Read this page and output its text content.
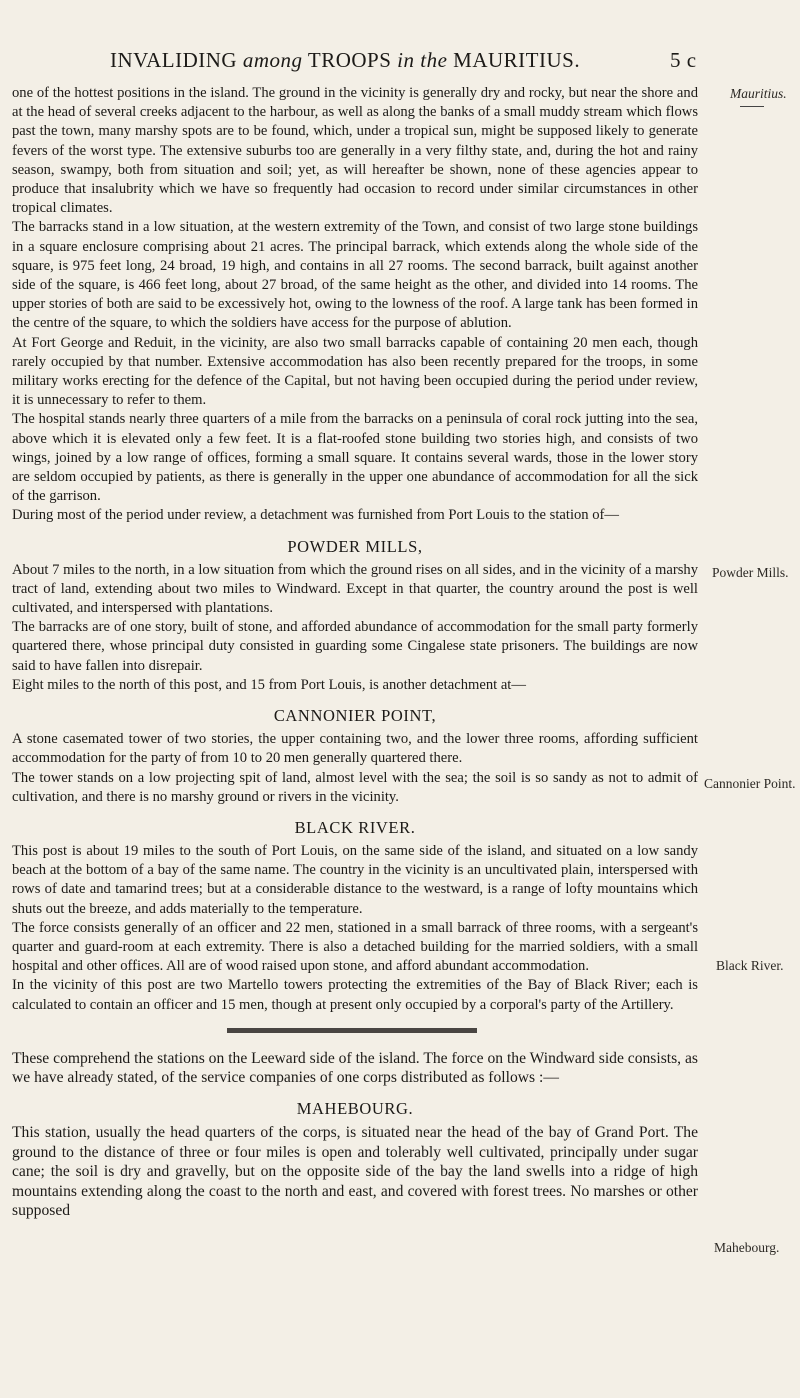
INVALIDING among TROOPS in the MAURITIUS.	5 c
Mauritius.
Powder Mills.
Cannonier Point.
Black River.
Mahebourg.

one of the hottest positions in the island. The ground in the vicinity is generally dry and rocky, but near the shore and at the head of several creeks adjacent to the harbour, as well as along the banks of a small muddy stream which flows past the town, many marshy spots are to be found, which, under a tropical sun, might be supposed likely to generate fevers of the worst type. The extensive suburbs too are generally in a very filthy state, and, during the hot and rainy season, swampy, both from situation and soil; yet, as will hereafter be shown, none of these agencies appear to produce that insalubrity which we have so frequently had occasion to record under similar circumstances in other tropical climates.

The barracks stand in a low situation, at the western extremity of the Town, and consist of two large stone buildings in a square enclosure comprising about 21 acres. The principal barrack, which extends along the whole side of the square, is 975 feet long, 24 broad, 19 high, and contains in all 27 rooms. The second barrack, built against another side of the square, is 466 feet long, about 27 broad, of the same height as the other, and divided into 14 rooms. The upper stories of both are said to be excessively hot, owing to the lowness of the roof. A large tank has been formed in the centre of the square, to which the soldiers have access for the purpose of ablution.

At Fort George and Reduit, in the vicinity, are also two small barracks capable of containing 20 men each, though rarely occupied by that number. Extensive accommodation has also been recently prepared for the troops, in some military works erecting for the defence of the Capital, but not having been occupied during the period under review, it is unnecessary to refer to them.

The hospital stands nearly three quarters of a mile from the barracks on a peninsula of coral rock jutting into the sea, above which it is elevated only a few feet. It is a flat-roofed stone building two stories high, and consists of two wings, joined by a low range of offices, forming a small square. It contains several wards, those in the lower story are seldom occupied by patients, as there is generally in the upper one abundance of accommodation for all the sick of the garrison.

During most of the period under review, a detachment was furnished from Port Louis to the station of—

POWDER MILLS,

About 7 miles to the north, in a low situation from which the ground rises on all sides, and in the vicinity of a marshy tract of land, extending about two miles to Windward. Except in that quarter, the country around the post is well cultivated, and interspersed with plantations.

The barracks are of one story, built of stone, and afforded abundance of accommodation for the small party formerly quartered there, whose principal duty consisted in guarding some Cingalese state prisoners. The buildings are now said to have fallen into disrepair.

Eight miles to the north of this post, and 15 from Port Louis, is another detachment at—

CANNONIER POINT,

A stone casemated tower of two stories, the upper containing two, and the lower three rooms, affording sufficient accommodation for the party of from 10 to 20 men generally quartered there.

The tower stands on a low projecting spit of land, almost level with the sea; the soil is so sandy as not to admit of cultivation, and there is no marshy ground or rivers in the vicinity.

BLACK RIVER.

This post is about 19 miles to the south of Port Louis, on the same side of the island, and situated on a low sandy beach at the bottom of a bay of the same name. The country in the vicinity is an uncultivated plain, interspersed with rows of date and tamarind trees; but at a considerable distance to the westward, is a range of lofty mountains which shuts out the breeze, and adds materially to the temperature.

The force consists generally of an officer and 22 men, stationed in a small barrack of three rooms, with a sergeant's quarter and guard-room at each extremity. There is also a detached building for the married soldiers, with a small hospital and other offices. All are of wood raised upon stone, and afford abundant accommodation.

In the vicinity of this post are two Martello towers protecting the extremities of the Bay of Black River; each is calculated to contain an officer and 15 men, though at present only occupied by a corporal's party of the Artillery.

These comprehend the stations on the Leeward side of the island. The force on the Windward side consists, as we have already stated, of the service companies of one corps distributed as follows :—

MAHEBOURG.

This station, usually the head quarters of the corps, is situated near the head of the bay of Grand Port. The ground to the distance of three or four miles is open and tolerably well cultivated, principally under sugar cane; the soil is dry and gravelly, but on the opposite side of the bay the land swells into a ridge of high mountains extending along the coast to the north and east, and covered with forest trees. No marshes or other supposed
